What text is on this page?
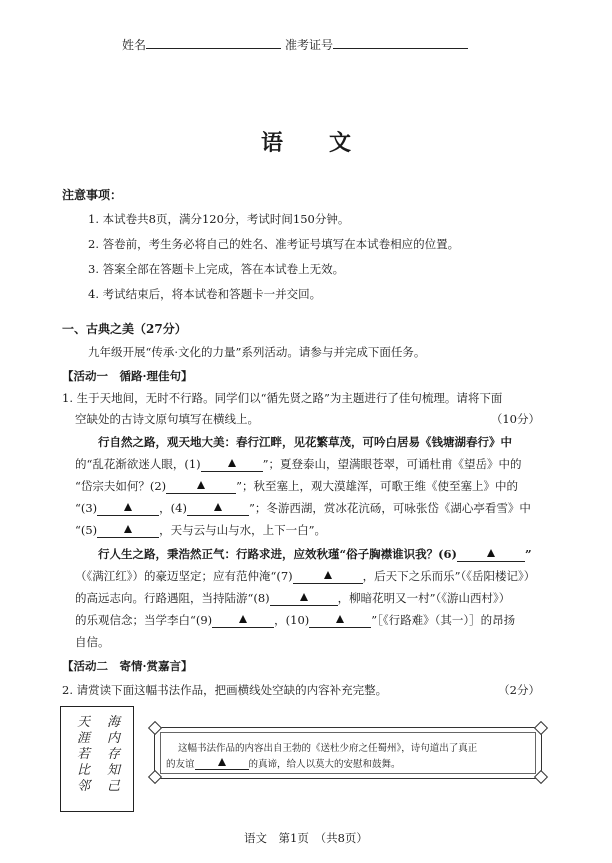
姓名	准考证号
语文
注意事项：
1. 本试卷共8页，满分120分，考试时间150分钟。
2. 答卷前，考生务必将自己的姓名、准考证号填写在本试卷相应的位置。
3. 答案全部在答题卡上完成，答在本试卷上无效。
4. 考试结束后，将本试卷和答题卡一并交回。
一、古典之美（27分）
九年级开展“传承·文化的力量”系列活动。请参与并完成下面任务。
【活动一　循路·理佳句】
1. 生于天地间，无时不行路。同学们以“循先贤之路”为主题进行了佳句梳理。请将下面
空缺处的古诗文原句填写在横线上。	（10分）
行自然之路，观天地大美：春行江畔，见花繁草茂，可吟白居易《钱塘湖春行》中
的“乱花渐欲迷人眼，(1)	”；夏登泰山，望满眼苍翠，可诵杜甫《望岳》中的
“岱宗夫如何？(2)	”；秋至塞上，观大漠雄浑，可歌王维《使至塞上》中的
“(3)	，(4)	”；冬游西湖，赏冰花沆砀，可咏张岱《湖心亭看雪》中
“(5)	，天与云与山与水，上下一白”。
行人生之路，秉浩然正气：行路求进，应效秋瑾“俗子胸襟谁识我？(6)	”
（《满江红》）的豪迈坚定；应有范仲淹“(7)	，后天下之乐而乐”（《岳阳楼记》）
的高远志向。行路遇阻，当持陆游“(8)	，柳暗花明又一村”（《游山西村》）
的乐观信念；当学李白“(9)	，(10)	”［《行路难》（其一）］的昂扬
自信。
【活动二　寄情·赏嘉言】
2. 请赏读下面这幅书法作品，把画横线处空缺的内容补充完整。	（2分）
海内存知己
天涯若比邻
这幅书法作品的内容出自王勃的《送杜少府之任蜀州》，诗句道出了真正
的友谊	的真谛，给人以莫大的安慰和鼓舞。
语文　第1页　（共8页）
